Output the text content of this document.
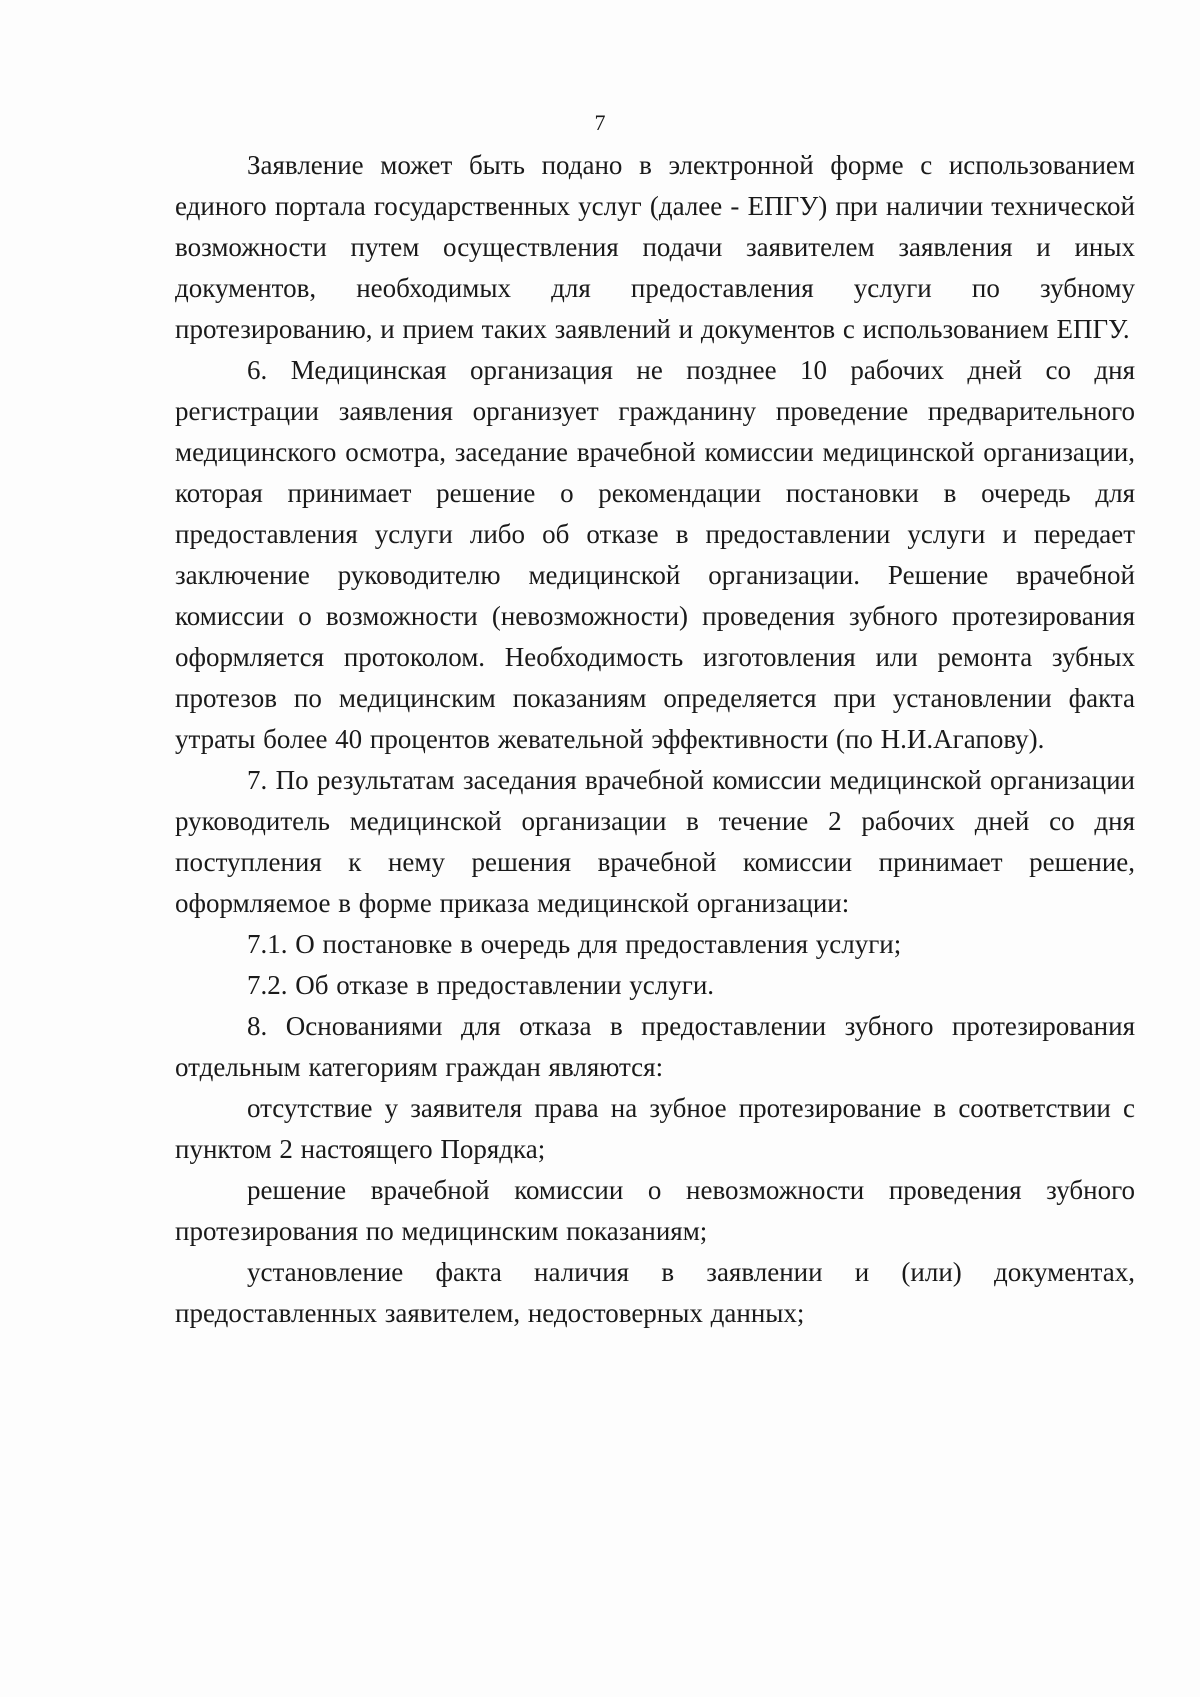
7

Заявление может быть подано в электронной форме с использованием единого портала государственных услуг (далее - ЕПГУ) при наличии технической возможности путем осуществления подачи заявителем заявления и иных документов, необходимых для предоставления услуги по зубному протезированию, и прием таких заявлений и документов с использованием ЕПГУ.

6. Медицинская организация не позднее 10 рабочих дней со дня регистрации заявления организует гражданину проведение предварительного медицинского осмотра, заседание врачебной комиссии медицинской организации, которая принимает решение о рекомендации постановки в очередь для предоставления услуги либо об отказе в предоставлении услуги и передает заключение руководителю медицинской организации. Решение врачебной комиссии о возможности (невозможности) проведения зубного протезирования оформляется протоколом. Необходимость изготовления или ремонта зубных протезов по медицинским показаниям определяется при установлении факта утраты более 40 процентов жевательной эффективности (по Н.И.Агапову).

7. По результатам заседания врачебной комиссии медицинской организации руководитель медицинской организации в течение 2 рабочих дней со дня поступления к нему решения врачебной комиссии принимает решение, оформляемое в форме приказа медицинской организации:

7.1. О постановке в очередь для предоставления услуги;

7.2. Об отказе в предоставлении услуги.

8. Основаниями для отказа в предоставлении зубного протезирования отдельным категориям граждан являются:

отсутствие у заявителя права на зубное протезирование в соответствии с пунктом 2 настоящего Порядка;

решение врачебной комиссии о невозможности проведения зубного протезирования по медицинским показаниям;

установление факта наличия в заявлении и (или) документах, предоставленных заявителем, недостоверных данных;
